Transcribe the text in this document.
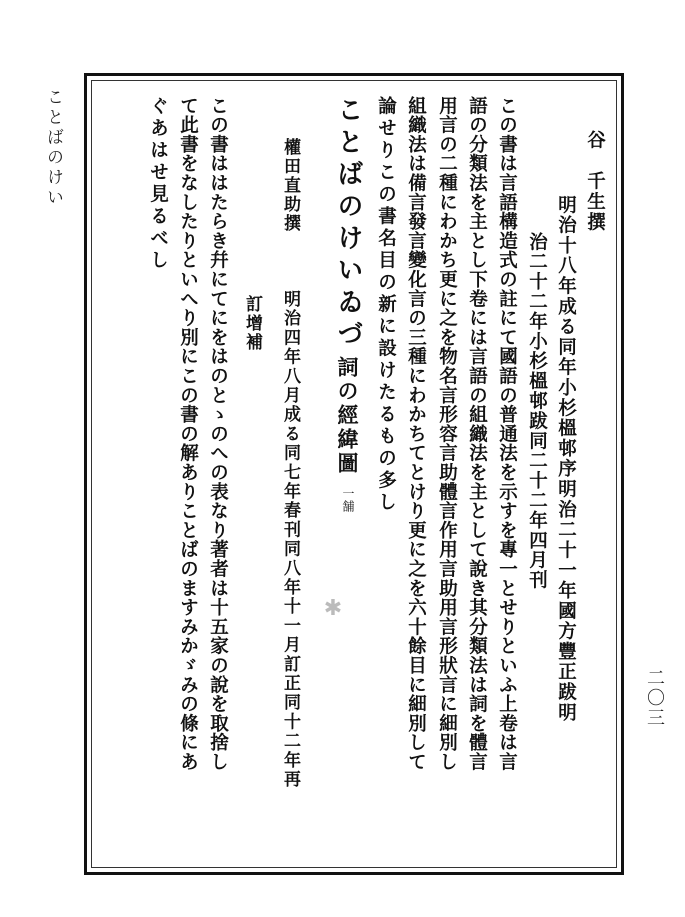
ことばのけい
二〇三
谷　千生撰
明治十八年成る同年小杉榲邨序明治二十一年國方豐正跋明
治二十二年小杉榲邨跋同二十二年四月刊
この書は言語構造式の註にて國語の普通法を示すを專一とせりといふ上卷は言
語の分類法を主とし下卷には言語の組織法を主として說き其分類法は詞を體言
用言の二種にわかち更に之を物名言形容言助體言作用言助用言形狀言に細別し
組織法は備言發言變化言の三種にわかちてとけり更に之を六十餘目に細別して
論せりこの書名目の新に設けたるもの多し
ことばのけいゐづ
詞の經緯圖
一舗
權田直助撰
明治四年八月成る同七年春刊同八年十一月訂正同十二年再
訂增補
この書ははたらき幷にてにをはのとゝのへの表なり著者は十五家の說を取捨し
て此書をなしたりといへり別にこの書の解ありことばのますみかゞみの條にあ
ぐあはせ見るべし
✱
